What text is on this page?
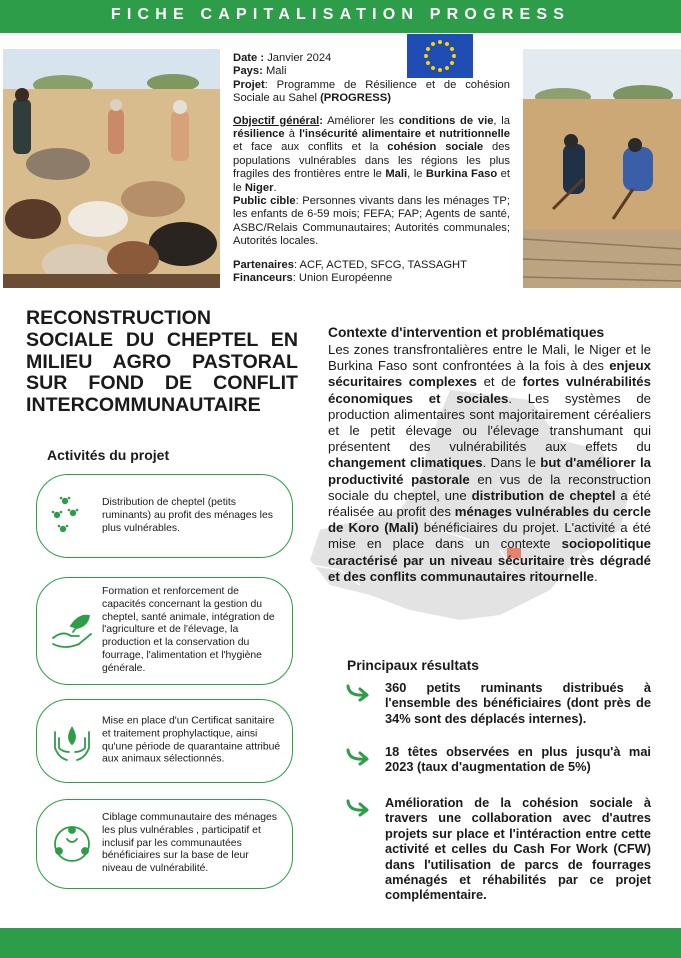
FICHE CAPITALISATION PROGRESS
Date : Janvier 2024
Pays: Mali
Projet: Programme de Résilience et de cohésion Sociale au Sahel (PROGRESS)
Objectif général: Améliorer les conditions de vie, la résilience à l'insécurité alimentaire et nutritionnelle et face aux conflits et la cohésion sociale des populations vulnérables dans les régions les plus fragiles des frontières entre le Mali, le Burkina Faso et le Niger.
Public cible: Personnes vivants dans les ménages TP; les enfants de 6-59 mois; FEFA; FAP; Agents de santé, ASBC/Relais Communautaires; Autorités communales; Autorités locales.
Partenaires: ACF, ACTED, SFCG, TASSAGHT
Financeurs: Union Européenne
RECONSTRUCTION SOCIALE DU CHEPTEL EN MILIEU AGRO PASTORAL SUR FOND DE CONFLIT INTERCOMMUNAUTAIRE
Activités du projet
Distribution de cheptel (petits ruminants) au profit des ménages les plus vulnérables.
Formation et renforcement de capacités concernant la gestion du cheptel, santé animale, intégration de l'agriculture et de l'élevage, la production et la conservation du fourrage, l'alimentation et l'hygiène générale.
Mise en place d'un Certificat sanitaire et traitement prophylactique, ainsi qu'une période de quarantaine attribué aux animaux sélectionnés.
Ciblage communautaire des ménages les plus vulnérables , participatif et inclusif par les communautées bénéficiaires sur la base de leur niveau de vulnérabilité.
Contexte d'intervention et problématiques
Les zones transfrontalières entre le Mali, le Niger et le Burkina Faso sont confrontées à la fois à des enjeux sécuritaires complexes et de fortes vulnérabilités économiques et sociales. Les systèmes de production alimentaires sont majoritairement céréaliers et le petit élevage ou l'élevage transhumant qui présentent des vulnérabilités aux effets du changement climatiques. Dans le but d'améliorer la productivité pastorale en vus de la reconstruction sociale du cheptel, une distribution de cheptel a été réalisée au profit des ménages vulnérables du cercle de Koro (Mali) bénéficiaires du projet. L'activité a été mise en place dans un contexte sociopolitique caractérisé par un niveau sécuritaire très dégradé et des conflits communautaires ritournelle.
Principaux résultats
360 petits ruminants distribués à l'ensemble des bénéficiaires (dont près de 34% sont des déplacés internes).
18 têtes observées en plus jusqu'à mai 2023 (taux d'augmentation de 5%)
Amélioration de la cohésion sociale à travers une collaboration avec d'autres projets sur place et l'intéraction entre cette activité et celles du Cash For Work (CFW) dans l'utilisation de parcs de fourrages aménagés et réhabilités par ce projet complémentaire.
